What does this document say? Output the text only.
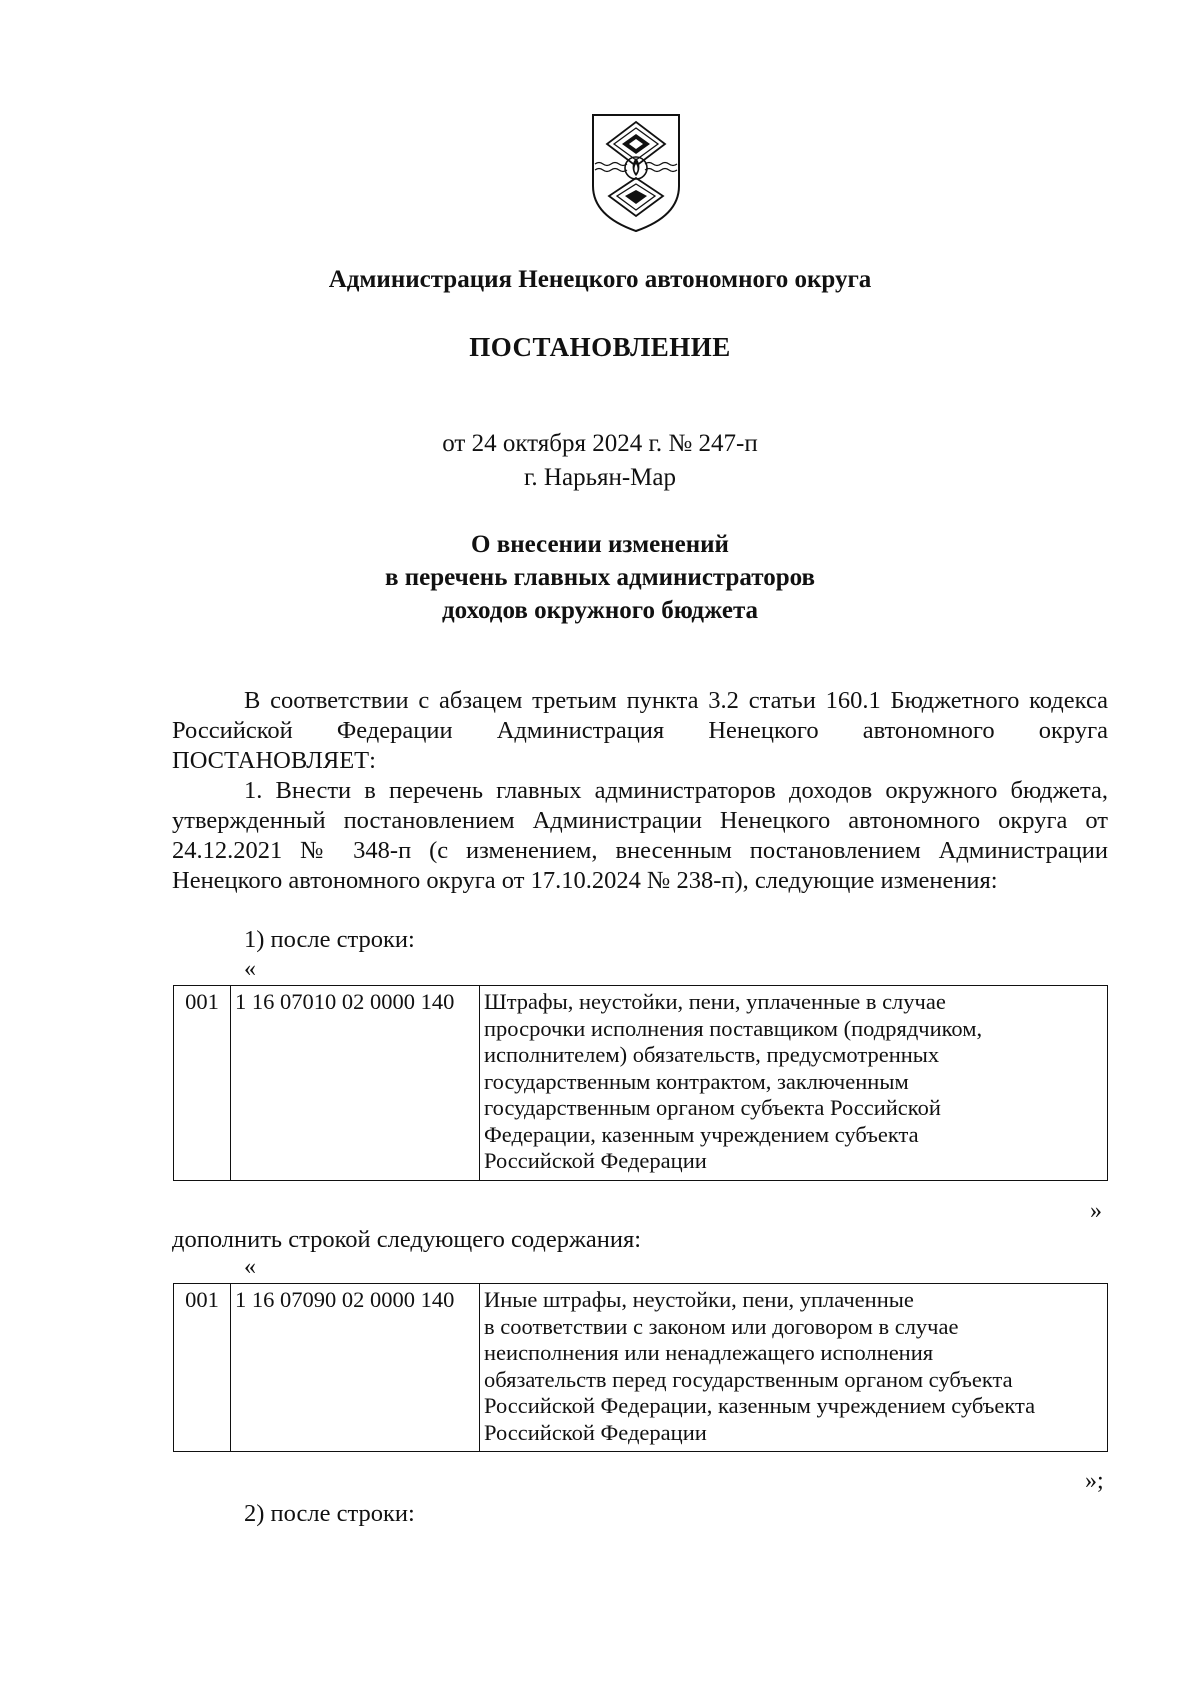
Администрация Ненецкого автономного округа
ПОСТАНОВЛЕНИЕ
от 24 октября 2024 г. № 247-п
г. Нарьян-Мар
О внесении изменений
в перечень главных администраторов
доходов окружного бюджета
В соответствии с абзацем третьим пункта 3.2 статьи 160.1 Бюджетного кодекса Российской Федерации Администрация Ненецкого автономного округа ПОСТАНОВЛЯЕТ:
1. Внести в перечень главных администраторов доходов окружного бюджета, утвержденный постановлением Администрации Ненецкого автономного округа от 24.12.2021 № 348-п (с изменением, внесенным постановлением Администрации Ненецкого автономного округа от 17.10.2024 № 238-п), следующие изменения:
1) после строки:
«
001	1 16 07010 02 0000 140	Штрафы, неустойки, пени, уплаченные в случае
просрочки исполнения поставщиком (подрядчиком,
исполнителем) обязательств, предусмотренных
государственным контрактом, заключенным
государственным органом субъекта Российской
Федерации, казенным учреждением субъекта
Российской Федерации
»
дополнить строкой следующего содержания:
«
001	1 16 07090 02 0000 140	Иные штрафы, неустойки, пени, уплаченные
в соответствии с законом или договором в случае
неисполнения или ненадлежащего исполнения
обязательств перед государственным органом субъекта
Российской Федерации, казенным учреждением субъекта
Российской Федерации
»;
2) после строки:
